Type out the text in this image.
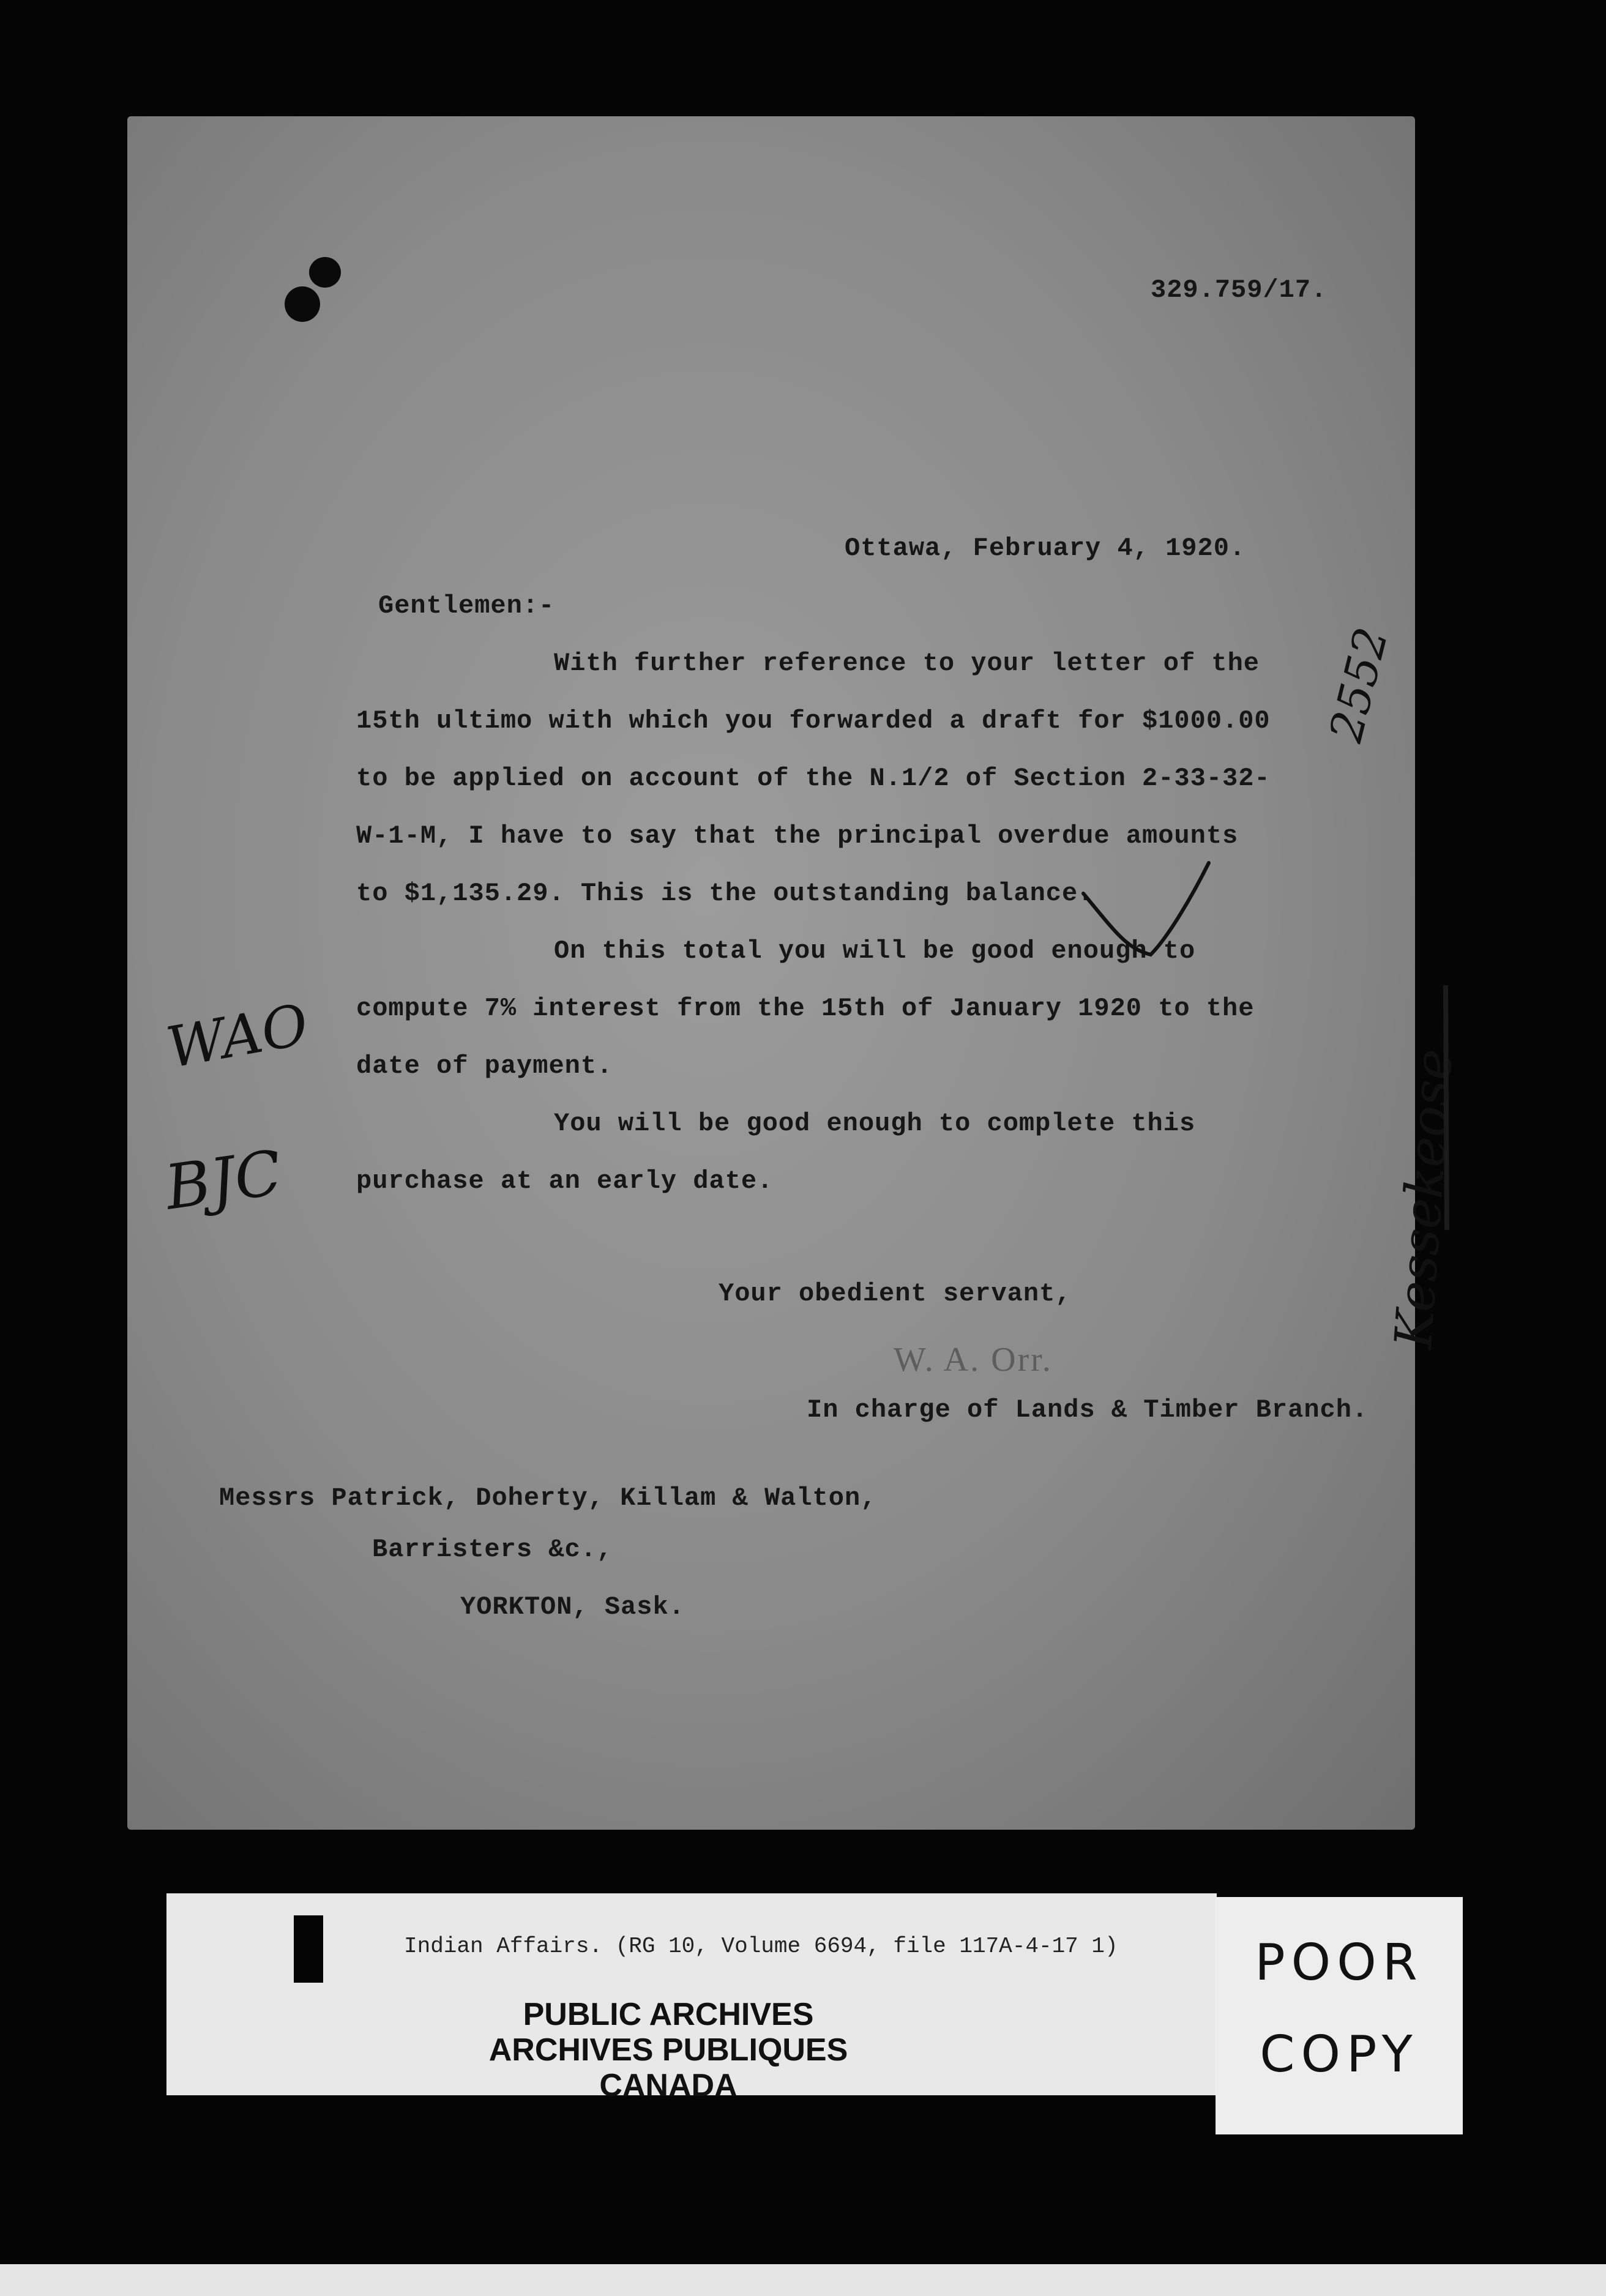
329.759/17.
Ottawa, February 4, 1920.
Gentlemen:-
With further reference to your letter of the
15th ultimo with which you forwarded a draft for $1000.00
to be applied on account of the N.1/2 of Section 2-33-32-
W-1-M, I have to say that the principal overdue amounts
to $1,135.29. This is the outstanding balance.
On this total you will be good enough to
compute 7% interest from the 15th of January 1920 to the
date of payment.
You will be good enough to complete this
purchase at an early date.
Your obedient servant,
W. A. Orr.
In charge of Lands & Timber Branch.
Messrs Patrick, Doherty, Killam & Walton,
Barristers &c.,
YORKTON, Sask.
WAO
BJC
2552
Kessekeose
Indian Affairs. (RG 10, Volume 6694, file 117A-4-17 1)
PUBLIC ARCHIVES
ARCHIVES PUBLIQUES
CANADA
POOR
COPY
